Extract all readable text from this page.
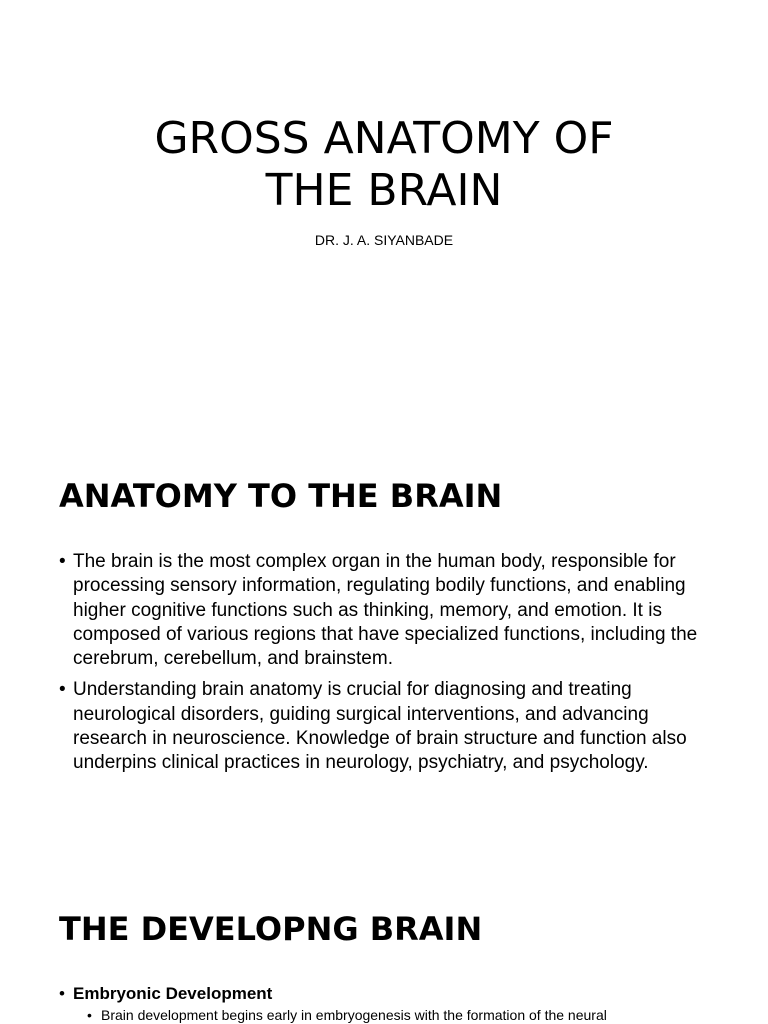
GROSS ANATOMY OF
THE BRAIN
DR. J. A. SIYANBADE
ANATOMY TO THE BRAIN
• The brain is the most complex organ in the human body, responsible for processing sensory information, regulating bodily functions, and enabling higher cognitive functions such as thinking, memory, and emotion. It is composed of various regions that have specialized functions, including the cerebrum, cerebellum, and brainstem.
• Understanding brain anatomy is crucial for diagnosing and treating neurological disorders, guiding surgical interventions, and advancing research in neuroscience. Knowledge of brain structure and function also underpins clinical practices in neurology, psychiatry, and psychology.
THE DEVELOPNG BRAIN
• Embryonic Development
• Brain development begins early in embryogenesis with the formation of the neural
